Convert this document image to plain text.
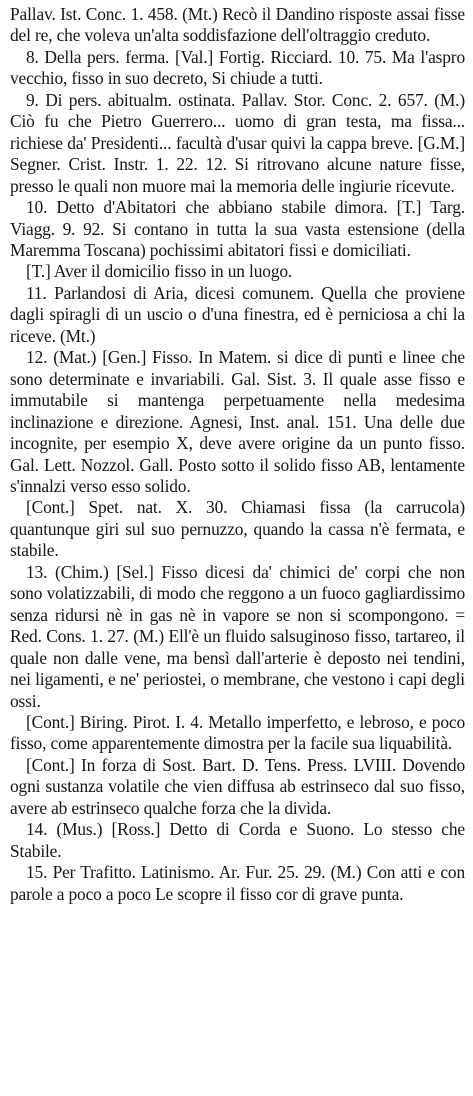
Pallav. Ist. Conc. 1. 458. (Mt.) Recò il Dandino risposte assai fisse del re, che voleva un'alta soddisfazione dell'oltraggio creduto.

8. Della pers. ferma. [Val.] Fortig. Ricciard. 10. 75. Ma l'aspro vecchio, fisso in suo decreto, Si chiude a tutti.

9. Di pers. abitualm. ostinata. Pallav. Stor. Conc. 2. 657. (M.) Ciò fu che Pietro Guerrero... uomo di gran testa, ma fissa... richiese da' Presidenti... facultà d'usar quivi la cappa breve. [G.M.] Segner. Crist. Instr. 1. 22. 12. Si ritrovano alcune nature fisse, presso le quali non muore mai la memoria delle ingiurie ricevute.

10. Detto d'Abitatori che abbiano stabile dimora. [T.] Targ. Viagg. 9. 92. Si contano in tutta la sua vasta estensione (della Maremma Toscana) pochissimi abitatori fissi e domiciliati.

[T.] Aver il domicilio fisso in un luogo.

11. Parlandosi di Aria, dicesi comunem. Quella che proviene dagli spiragli di un uscio o d'una finestra, ed è perniciosa a chi la riceve. (Mt.)

12. (Mat.) [Gen.] Fisso. In Matem. si dice di punti e linee che sono determinate e invariabili. Gal. Sist. 3. Il quale asse fisso e immutabile si mantenga perpetuamente nella medesima inclinazione e direzione. Agnesi, Inst. anal. 151. Una delle due incognite, per esempio X, deve avere origine da un punto fisso. Gal. Lett. Nozzol. Gall. Posto sotto il solido fisso AB, lentamente s'innalzi verso esso solido.

[Cont.] Spet. nat. X. 30. Chiamasi fissa (la carrucola) quantunque giri sul suo pernuzzo, quando la cassa n'è fermata, e stabile.

13. (Chim.) [Sel.] Fisso dicesi da' chimici de' corpi che non sono volatizzabili, di modo che reggono a un fuoco gagliardissimo senza ridursi nè in gas nè in vapore se non si scompongono. = Red. Cons. 1. 27. (M.) Ell'è un fluido salsuginoso fisso, tartareo, il quale non dalle vene, ma bensì dall'arterie è deposto nei tendini, nei ligamenti, e ne' periostei, o membrane, che vestono i capi degli ossi.

[Cont.] Biring. Pirot. I. 4. Metallo imperfetto, e lebroso, e poco fisso, come apparentemente dimostra per la facile sua liquabilità.

[Cont.] In forza di Sost. Bart. D. Tens. Press. LVIII. Dovendo ogni sustanza volatile che vien diffusa ab estrinseco dal suo fisso, avere ab estrinseco qualche forza che la divida.

14. (Mus.) [Ross.] Detto di Corda e Suono. Lo stesso che Stabile.

15. Per Trafitto. Latinismo. Ar. Fur. 25. 29. (M.) Con atti e con parole a poco a poco Le scopre il fisso cor di grave punta.
